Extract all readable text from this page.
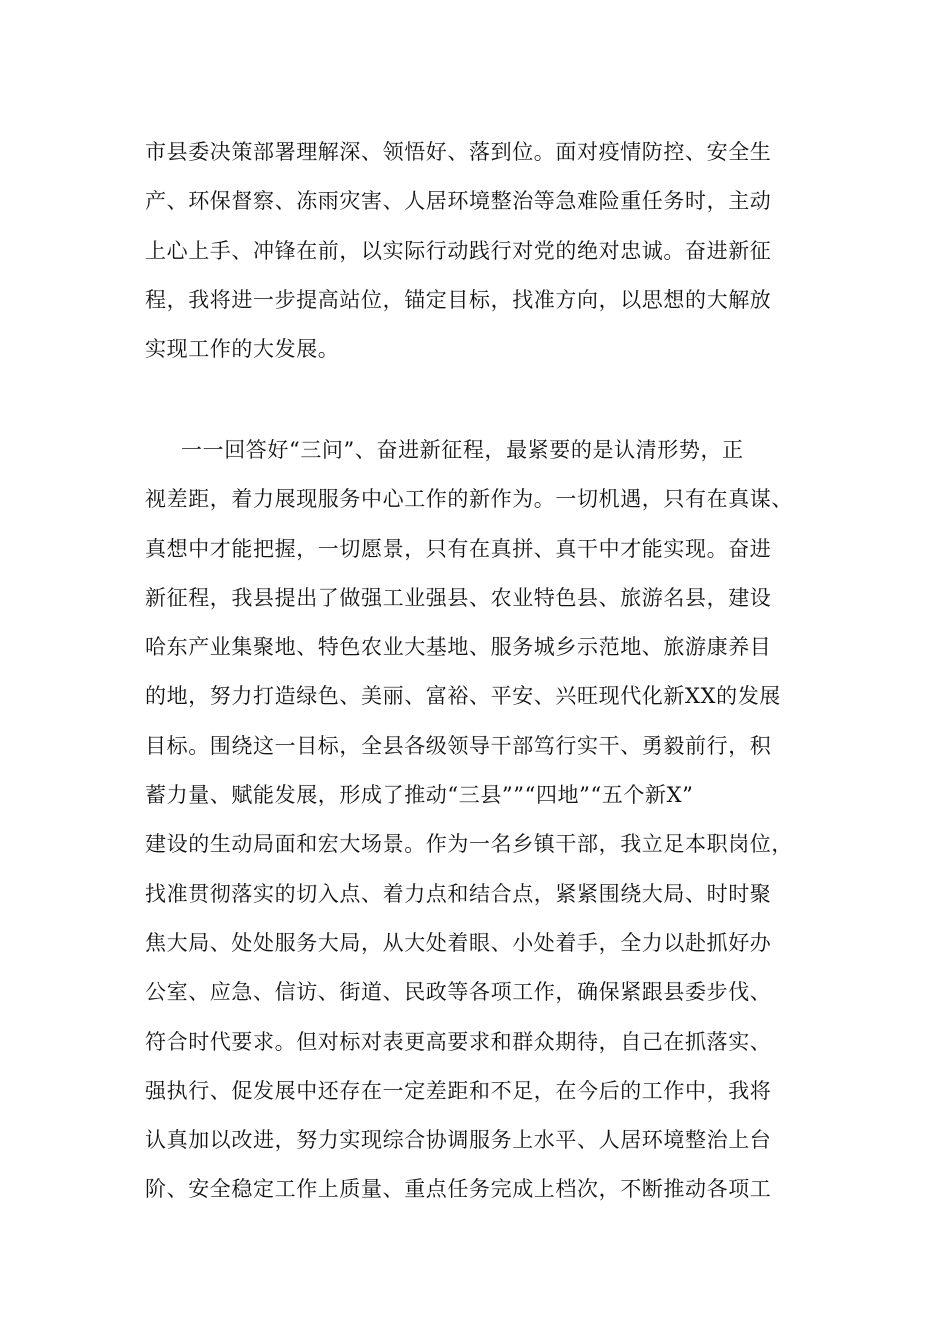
市县委决策部署理解深、领悟好、落到位。面对疫情防控、安全生
产、环保督察、冻雨灾害、人居环境整治等急难险重任务时，主动
上心上手、冲锋在前，以实际行动践行对党的绝对忠诚。奋进新征
程，我将进一步提高站位，锚定目标，找准方向，以思想的大解放
实现工作的大发展。
一一回答好“三问”、奋进新征程，最紧要的是认清形势，正
视差距，着力展现服务中心工作的新作为。一切机遇，只有在真谋、
真想中才能把握，一切愿景，只有在真拼、真干中才能实现。奋进
新征程，我县提出了做强工业强县、农业特色县、旅游名县，建设
哈东产业集聚地、特色农业大基地、服务城乡示范地、旅游康养目
的地，努力打造绿色、美丽、富裕、平安、兴旺现代化新XX的发展
目标。围绕这一目标，全县各级领导干部笃行实干、勇毅前行，积
蓄力量、赋能发展，形成了推动“三县””“四地”“五个新X”
建设的生动局面和宏大场景。作为一名乡镇干部，我立足本职岗位，
找准贯彻落实的切入点、着力点和结合点，紧紧围绕大局、时时聚
焦大局、处处服务大局，从大处着眼、小处着手，全力以赴抓好办
公室、应急、信访、街道、民政等各项工作，确保紧跟县委步伐、
符合时代要求。但对标对表更高要求和群众期待，自己在抓落实、
强执行、促发展中还存在一定差距和不足，在今后的工作中，我将
认真加以改进，努力实现综合协调服务上水平、人居环境整治上台
阶、安全稳定工作上质量、重点任务完成上档次，不断推动各项工
